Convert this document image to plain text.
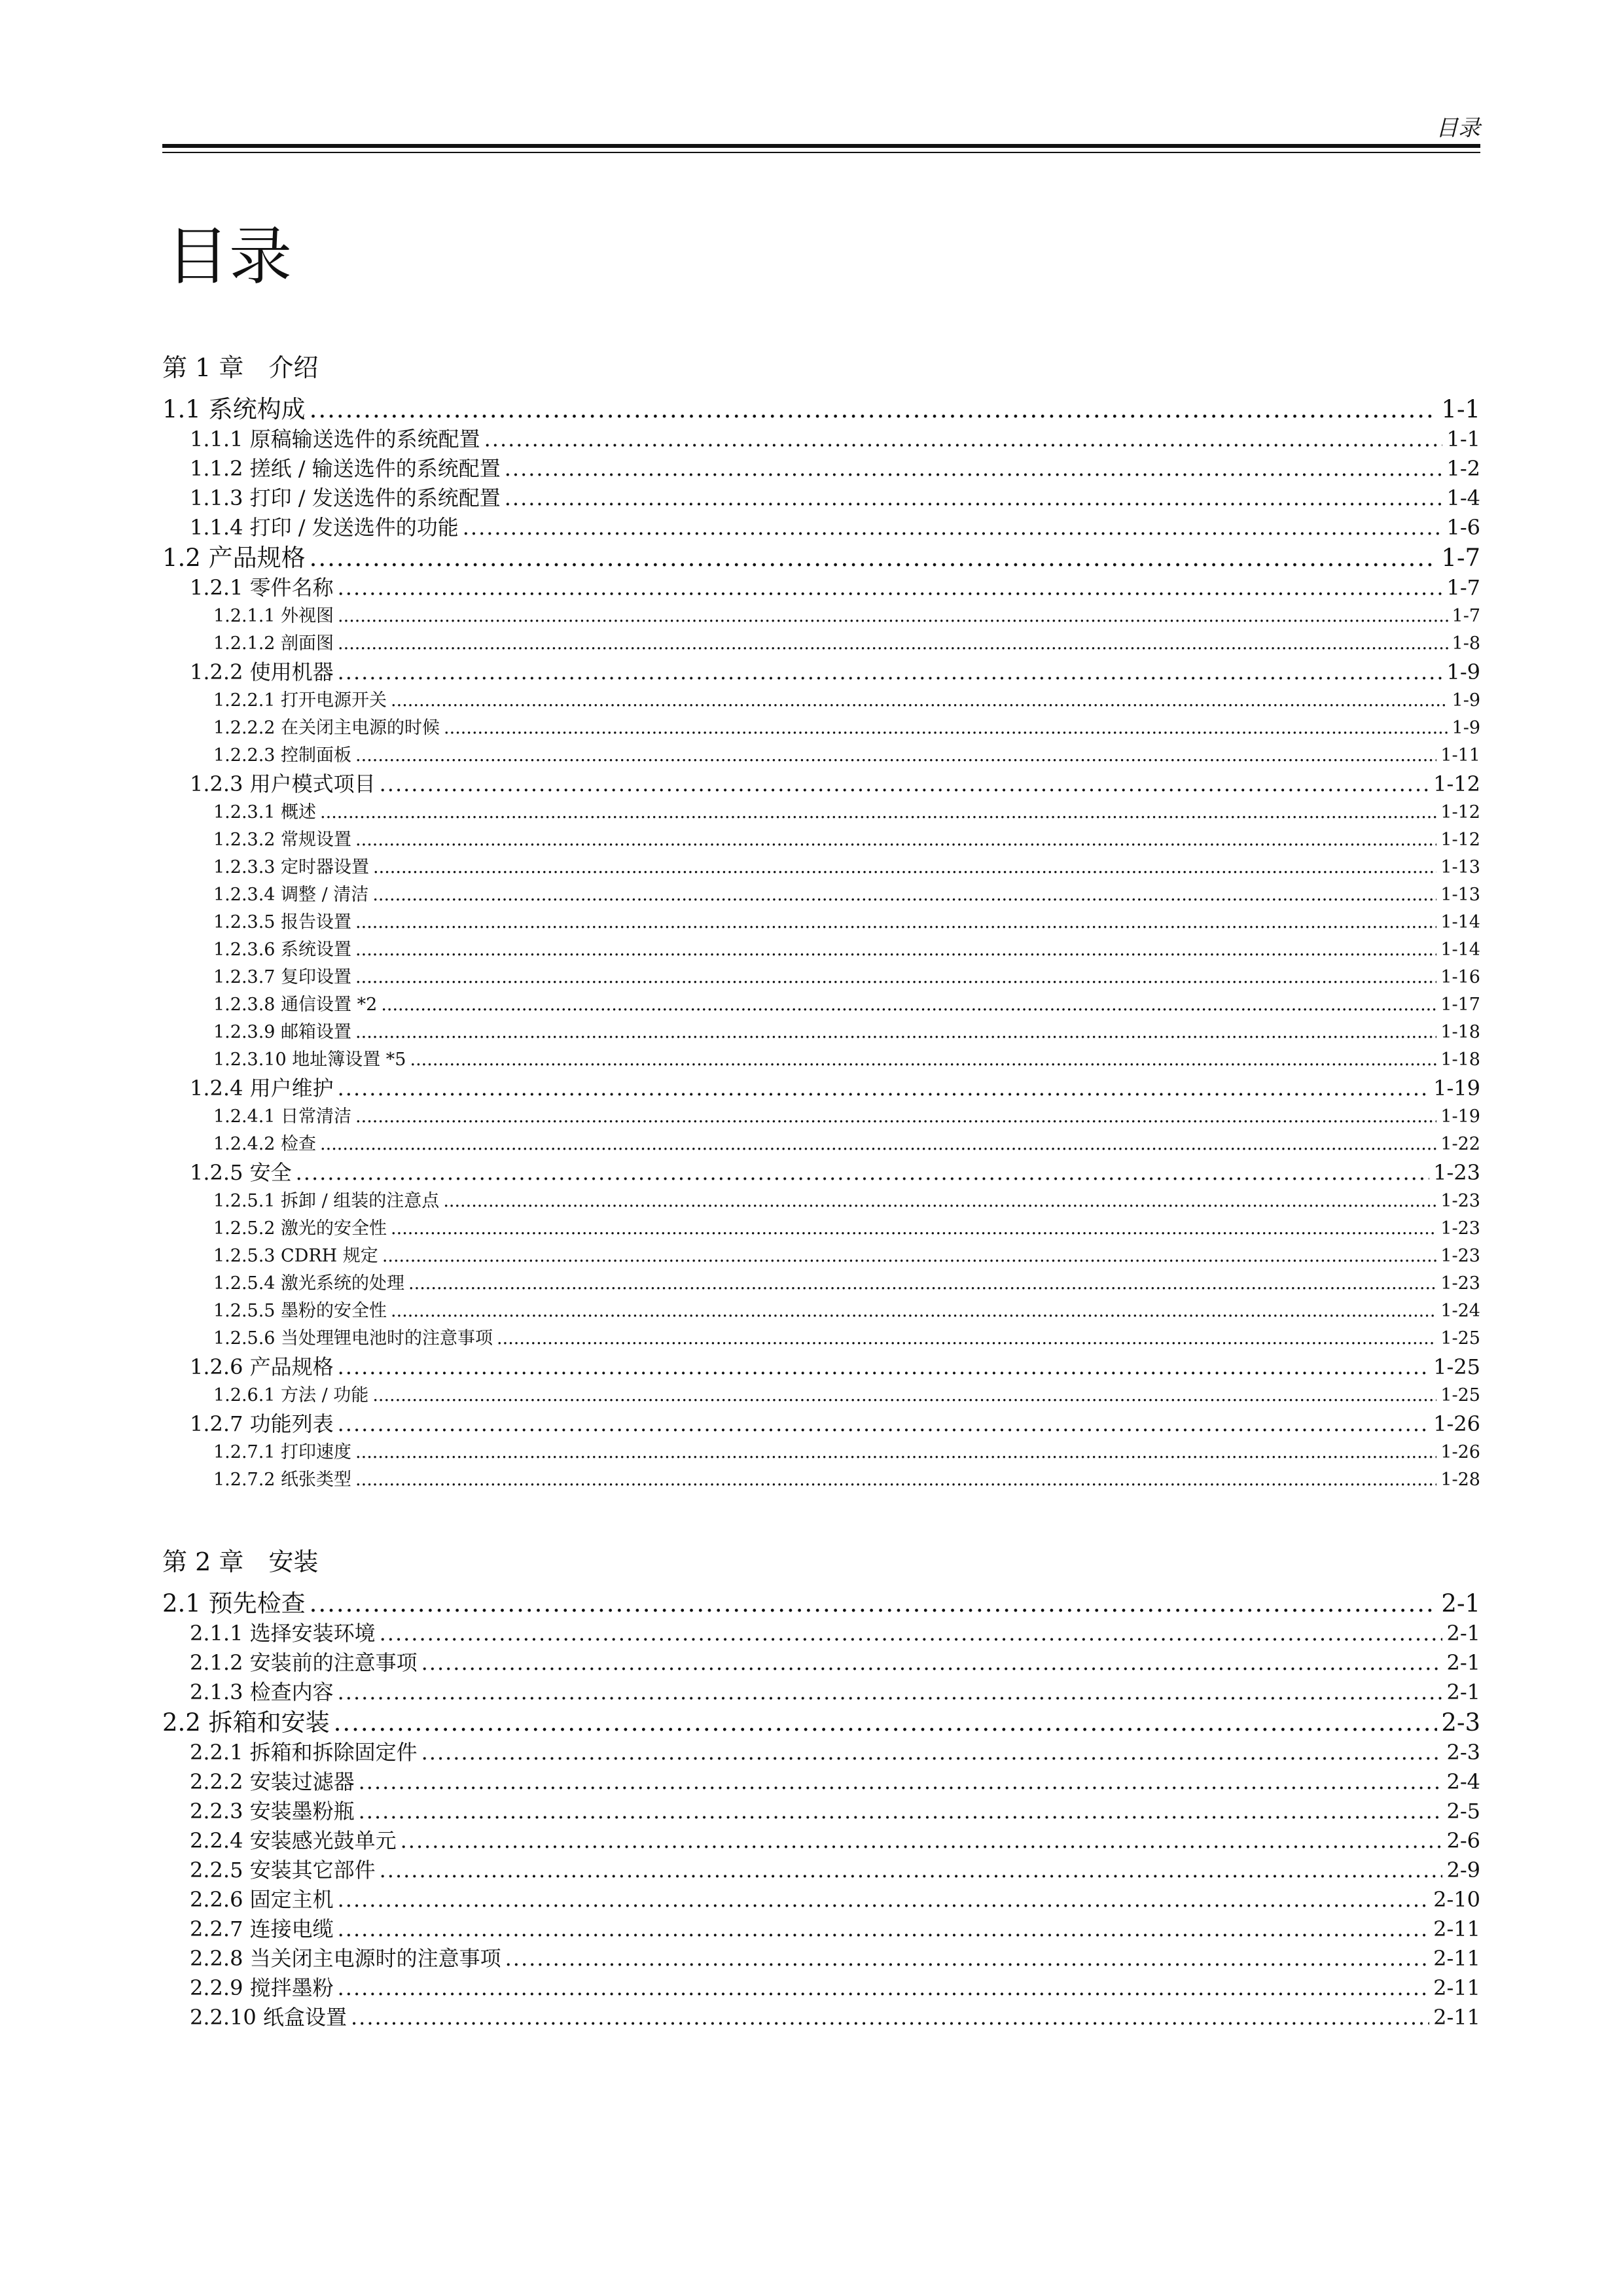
目录
目录
第 1 章　介绍
1.1 系统构成 .....	1-1
1.1.1 原稿输送选件的系统配置 .....	1-1
1.1.2 搓纸 / 输送选件的系统配置 .....	1-2
1.1.3 打印 / 发送选件的系统配置 .....	1-4
1.1.4 打印 / 发送选件的功能 .....	1-6
1.2 产品规格 .....	1-7
1.2.1 零件名称 .....	1-7
1.2.1.1 外视图 .....	1-7
1.2.1.2 剖面图 .....	1-8
1.2.2 使用机器 .....	1-9
1.2.2.1 打开电源开关 .....	1-9
1.2.2.2 在关闭主电源的时候 .....	1-9
1.2.2.3 控制面板 .....	1-11
1.2.3 用户模式项目 .....	1-12
1.2.3.1 概述 .....	1-12
1.2.3.2 常规设置 .....	1-12
1.2.3.3 定时器设置 .....	1-13
1.2.3.4 调整 / 清洁 .....	1-13
1.2.3.5 报告设置 .....	1-14
1.2.3.6 系统设置 .....	1-14
1.2.3.7 复印设置 .....	1-16
1.2.3.8 通信设置 *2 .....	1-17
1.2.3.9 邮箱设置 .....	1-18
1.2.3.10 地址簿设置 *5 .....	1-18
1.2.4 用户维护 .....	1-19
1.2.4.1 日常清洁 .....	1-19
1.2.4.2 检查 .....	1-22
1.2.5 安全 .....	1-23
1.2.5.1 拆卸 / 组装的注意点 .....	1-23
1.2.5.2 激光的安全性 .....	1-23
1.2.5.3 CDRH 规定 .....	1-23
1.2.5.4 激光系统的处理 .....	1-23
1.2.5.5 墨粉的安全性 .....	1-24
1.2.5.6 当处理锂电池时的注意事项 .....	1-25
1.2.6 产品规格 .....	1-25
1.2.6.1 方法 / 功能 .....	1-25
1.2.7 功能列表 .....	1-26
1.2.7.1 打印速度 .....	1-26
1.2.7.2 纸张类型 .....	1-28
第 2 章　安装
2.1 预先检查 .....	2-1
2.1.1 选择安装环境 .....	2-1
2.1.2 安装前的注意事项 .....	2-1
2.1.3 检查内容 .....	2-1
2.2 拆箱和安装 .....	2-3
2.2.1 拆箱和拆除固定件 .....	2-3
2.2.2 安装过滤器 .....	2-4
2.2.3 安装墨粉瓶 .....	2-5
2.2.4 安装感光鼓单元 .....	2-6
2.2.5 安装其它部件 .....	2-9
2.2.6 固定主机 .....	2-10
2.2.7 连接电缆 .....	2-11
2.2.8 当关闭主电源时的注意事项 .....	2-11
2.2.9 搅拌墨粉 .....	2-11
2.2.10 纸盒设置 .....	2-11
